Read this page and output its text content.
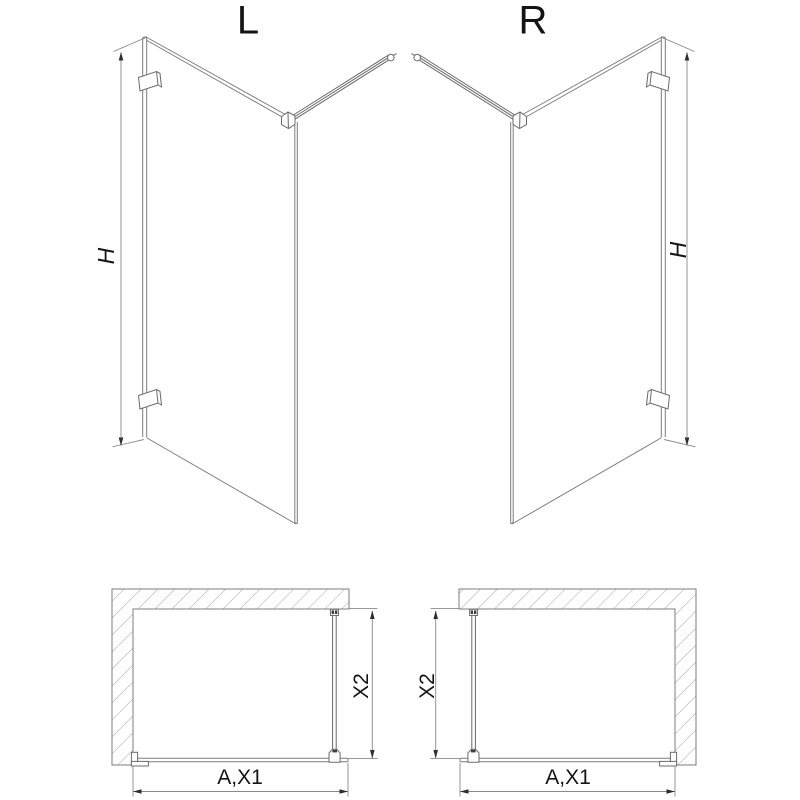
L
H
R
H
X2
A,X1
X2
A,X1
